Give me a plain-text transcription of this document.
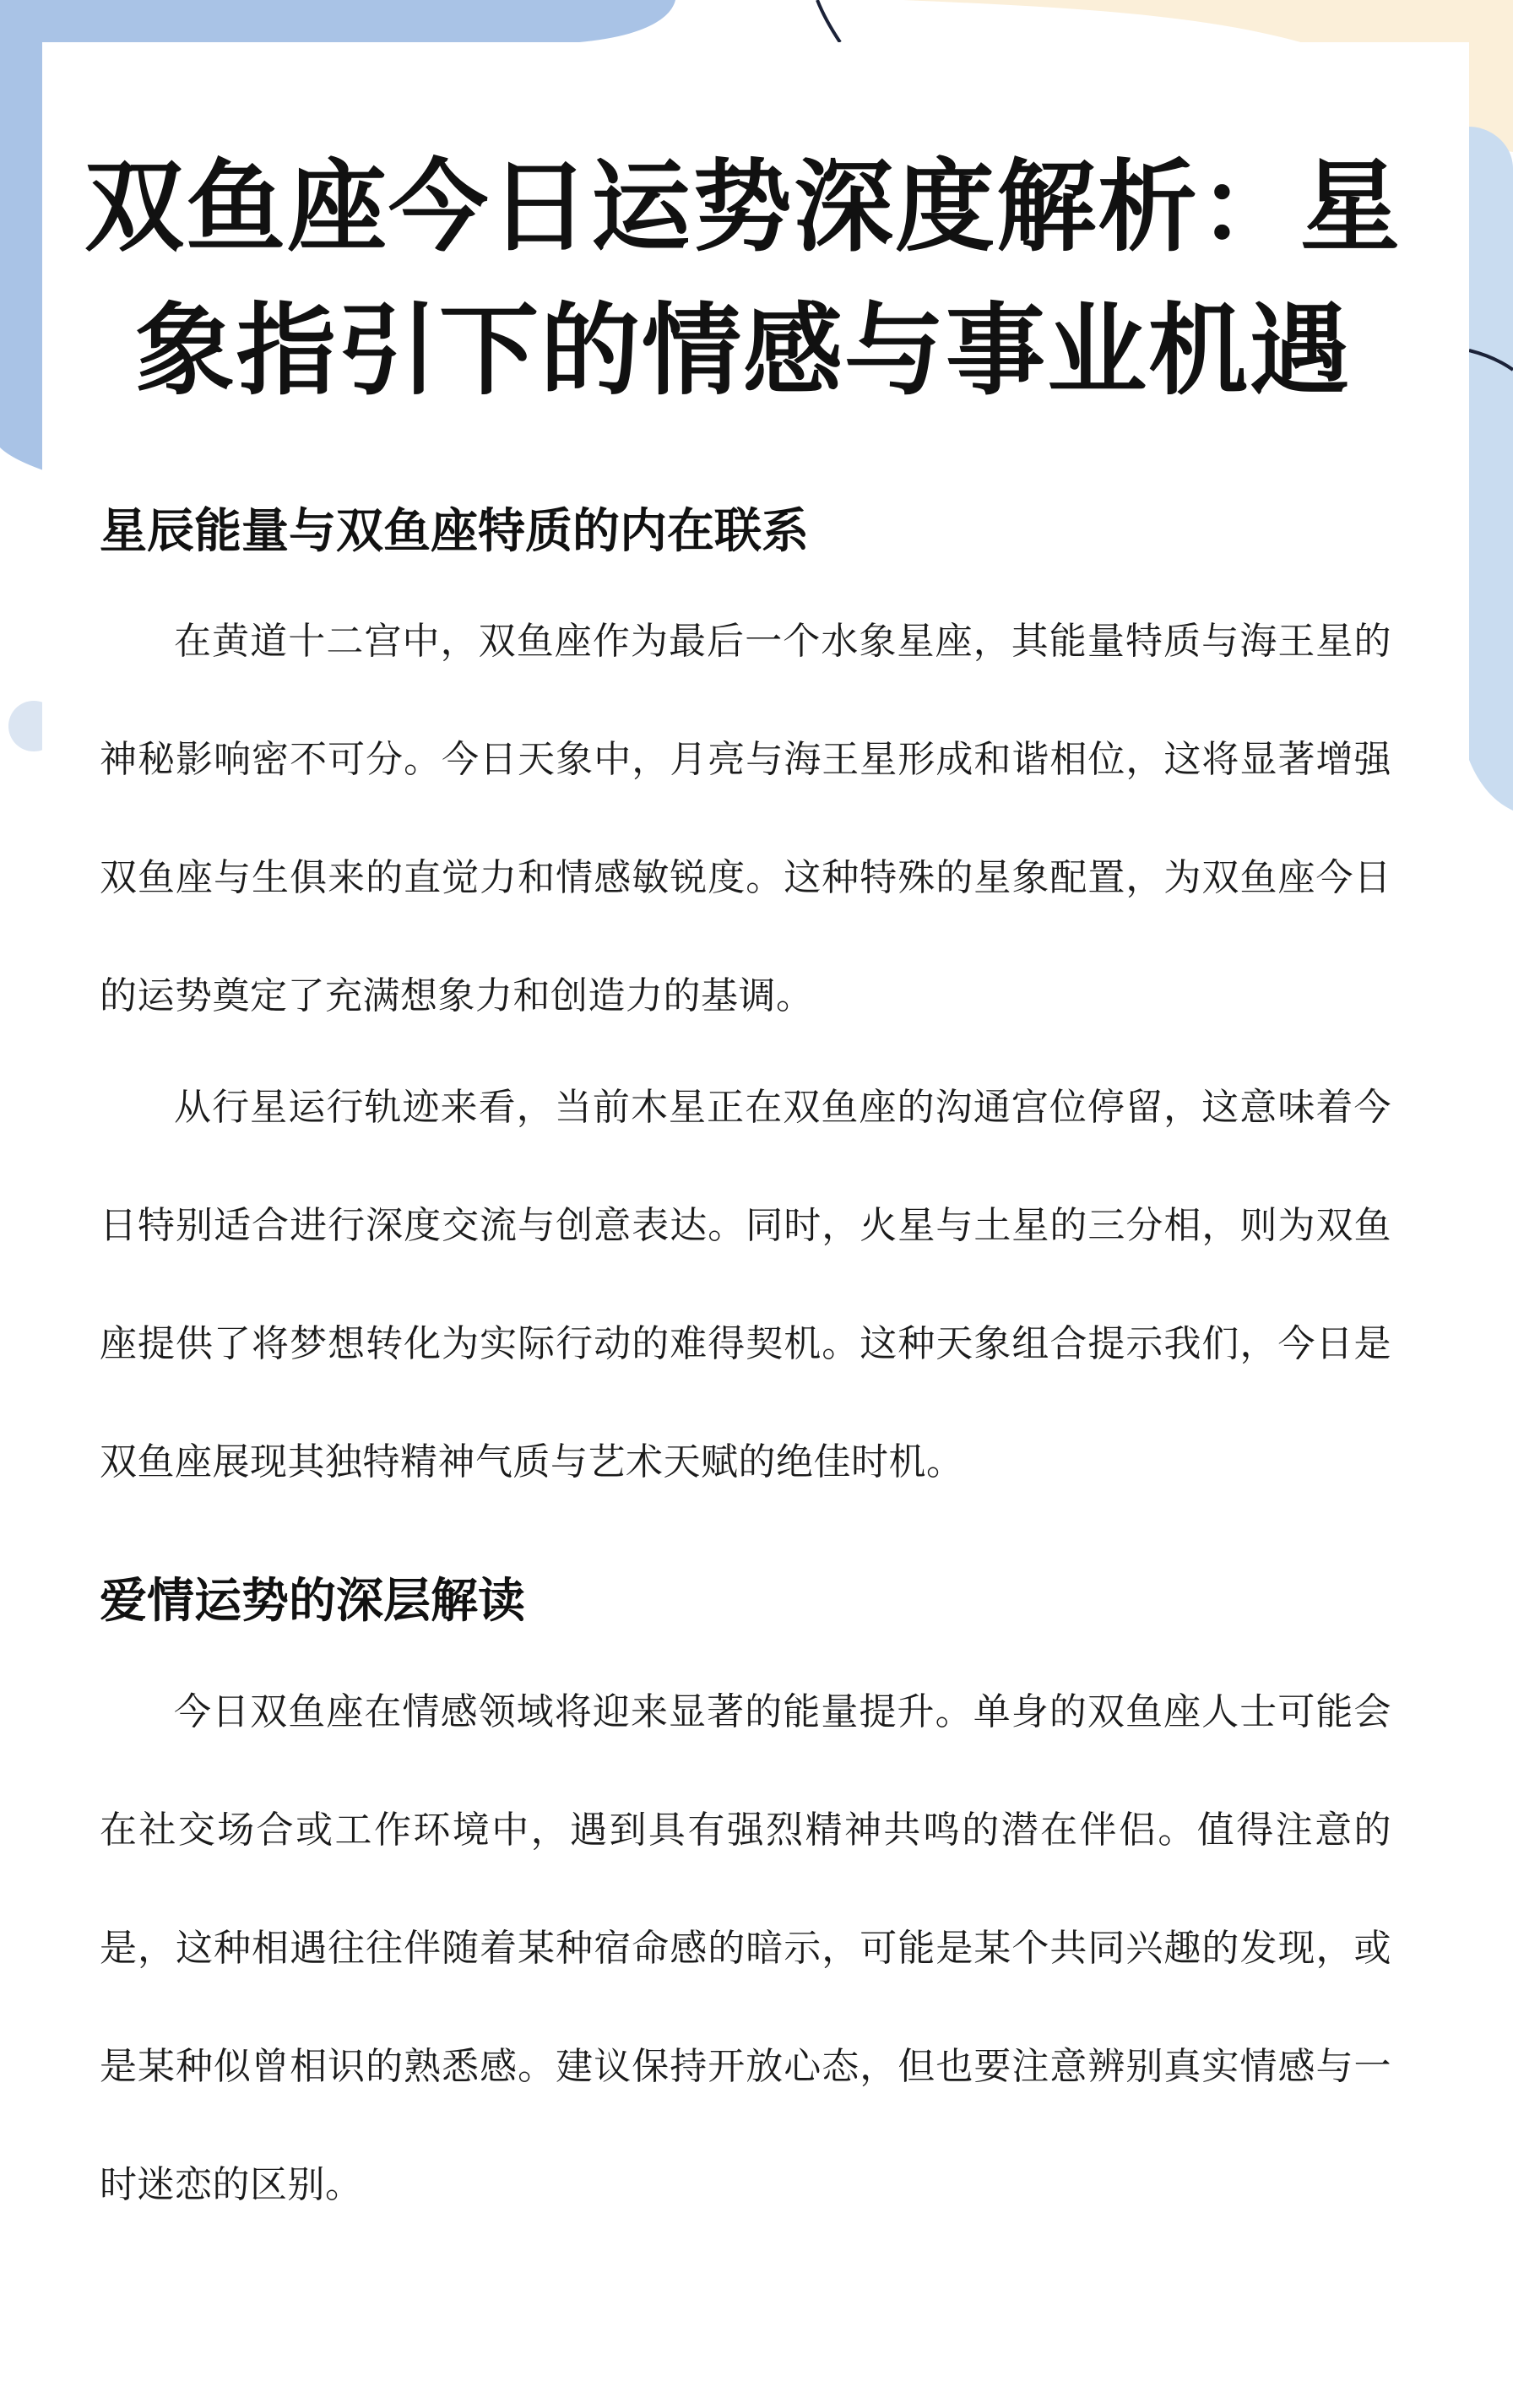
双鱼座今日运势深度解析：星象指引下的情感与事业机遇
星辰能量与双鱼座特质的内在联系

在黄道十二宫中，双鱼座作为最后一个水象星座，其能量特质与海王星的神秘影响密不可分。今日天象中，月亮与海王星形成和谐相位，这将显著增强双鱼座与生俱来的直觉力和情感敏锐度。这种特殊的星象配置，为双鱼座今日的运势奠定了充满想象力和创造力的基调。

从行星运行轨迹来看，当前木星正在双鱼座的沟通宫位停留，这意味着今日特别适合进行深度交流与创意表达。同时，火星与土星的三分相，则为双鱼座提供了将梦想转化为实际行动的难得契机。这种天象组合提示我们，今日是双鱼座展现其独特精神气质与艺术天赋的绝佳时机。

爱情运势的深层解读

今日双鱼座在情感领域将迎来显著的能量提升。单身的双鱼座人士可能会在社交场合或工作环境中，遇到具有强烈精神共鸣的潜在伴侣。值得注意的是，这种相遇往往伴随着某种宿命感的暗示，可能是某个共同兴趣的发现，或是某种似曾相识的熟悉感。建议保持开放心态，但也要注意辨别真实情感与一时迷恋的区别。
